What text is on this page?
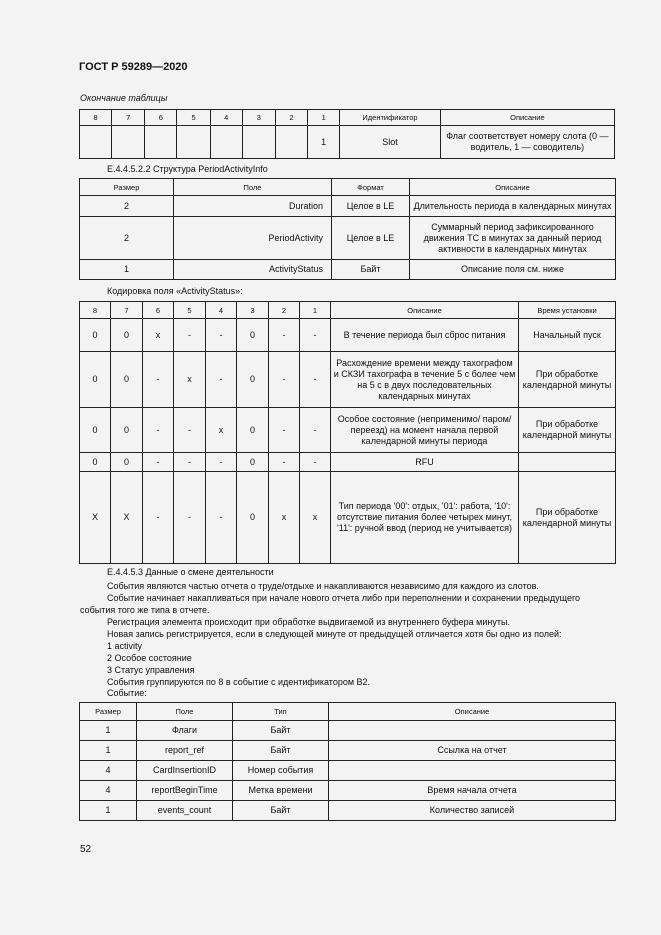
ГОСТ Р 59289—2020
Окончание таблицы
8	7	6	5	4	3	2	1	Идентификатор	Описание
							1	Slot	Флаг соответствует номеру слота (0 — водитель, 1 — соводитель)
Е.4.4.5.2.2 Структура PeriodActivityInfo
Размер	Поле	Формат	Описание
2	Duration	Целое в LE	Длительность периода в календарных минутах
2	PeriodActivity	Целое в LE	Суммарный период зафиксированного движения ТС в минутах за данный период активности в календарных минутах
1	ActivityStatus	Байт	Описание поля см. ниже
Кодировка поля «ActivityStatus»:
8	7	6	5	4	3	2	1	Описание	Время установки
0	0	x	-	-	0	-	-	В течение периода был сброс питания	Начальный пуск
0	0	-	x	-	0	-	-	Расхождение времени между тахографом и СКЗИ тахографа в течение 5 с более чем на 5 с в двух последовательных календарных минутах	При обработке календарной минуты
0	0	-	-	x	0	-	-	Особое состояние (неприменимо/ паром/ переезд) на момент начала первой календарной минуты периода	При обработке календарной минуты
0	0	-	-	-	0	-	-	RFU	
X	X	-	-	-	0	x	x	Тип периода '00': отдых, '01': работа, '10': отсутствие питания более четырех минут, '11': ручной ввод (период не учитывается)	При обработке календарной минуты
Е.4.4.5.3 Данные о смене деятельности
События являются частью отчета о труде/отдыхе и накапливаются независимо для каждого из слотов.
Событие начинает накапливаться при начале нового отчета либо при переполнении и сохранении предыдущего события того же типа в отчете.
Регистрация элемента происходит при обработке выдвигаемой из внутреннего буфера минуты.
Новая запись регистрируется, если в следующей минуте от предыдущей отличается хотя бы одно из полей:
1 activity
2 Особое состояние
3 Статус управления
События группируются по 8 в событие с идентификатором B2.
Событие:
Размер	Поле	Тип	Описание
1	Флаги	Байт	
1	report_ref	Байт	Ссылка на отчет
4	CardInsertionID	Номер события	
4	reportBeginTime	Метка времени	Время начала отчета
1	events_count	Байт	Количество записей
52
